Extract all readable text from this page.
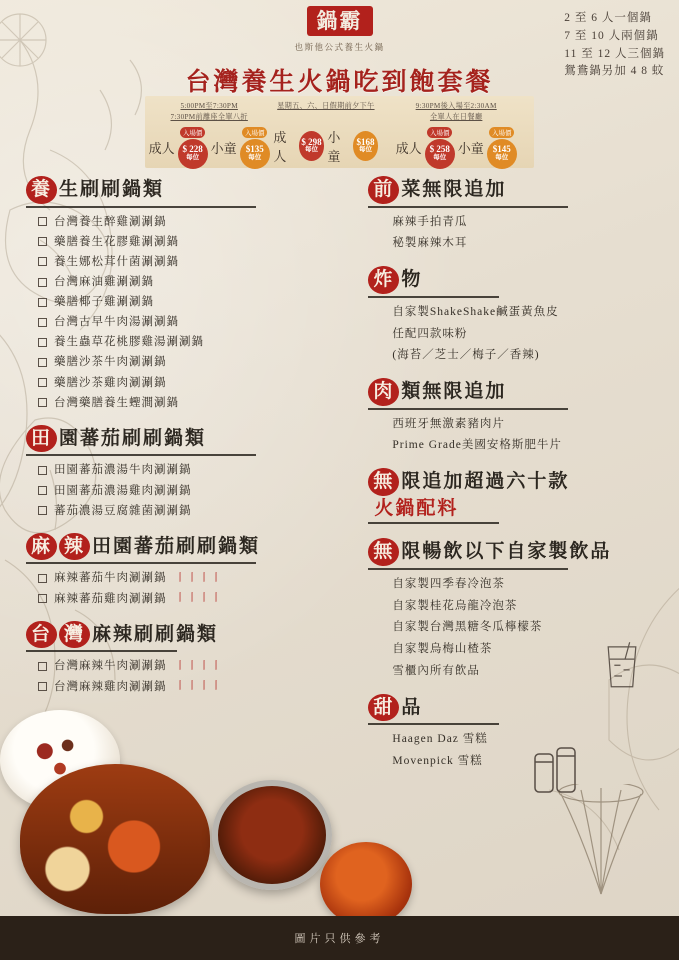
鍋霸
也斯他公式養生火鍋
2 至 6 人一個鍋
7 至 10 人兩個鍋
11 至 12 人三個鍋
鴛鴦鍋另加 4 8 蚊
台灣養生火鍋吃到飽套餐
5:00PM至7:30PM
7:30PM前離座全單八折
成人
入場價
$ 228
每位
小童
入場價
$135
每位
星期五、六、日假期前夕下午

成人
$ 298
每位
小童
$168
每位
9:30PM後入場至2:30AM
全單人在日餐廳
成人
入場價
$ 258
每位
小童
入場價
$145
每位
養 生刷刷鍋類
台灣養生醉雞涮涮鍋
藥膳養生花膠雞涮涮鍋
養生娜松茸什菌涮涮鍋
台灣麻油雞涮涮鍋
藥膳椰子雞涮涮鍋
台灣古早牛肉湯涮涮鍋
養生蟲草花桃膠雞湯涮涮鍋
藥膳沙茶牛肉涮涮鍋
藥膳沙茶雞肉涮涮鍋
台灣藥膳養生蟶澗涮鍋
田 園蕃茄刷刷鍋類
田園蕃茄濃湯牛肉涮涮鍋
田園蕃茄濃湯雞肉涮涮鍋
蕃茄濃湯豆腐雜菌涮涮鍋
麻 辣 田園蕃茄刷刷鍋類
麻辣蕃茄牛肉涮涮鍋 〡〡〡〡
麻辣蕃茄雞肉涮涮鍋 〡〡〡〡
台 灣 麻辣刷刷鍋類
台灣麻辣牛肉涮涮鍋 〡〡〡〡
台灣麻辣雞肉涮涮鍋 〡〡〡〡
前 菜無限追加
麻辣手拍青瓜
秘製麻辣木耳
炸 物
自家製ShakeShake鹹蛋黃魚皮
任配四款味粉
(海苔／芝士／梅子／香辣)
肉 類無限追加
西班牙無激素豬肉片
Prime Grade美國安格斯肥牛片
無 限追加超過六十款
火鍋配料
無 限暢飲以下自家製飲品
自家製四季春冷泡茶
自家製桂花烏龍冷泡茶
自家製台灣黑糖冬瓜檸檬茶
自家製烏梅山楂茶
雪櫃內所有飲品
甜 品
Haagen Daz 雪糕
Movenpick 雪糕
圖片只供參考
